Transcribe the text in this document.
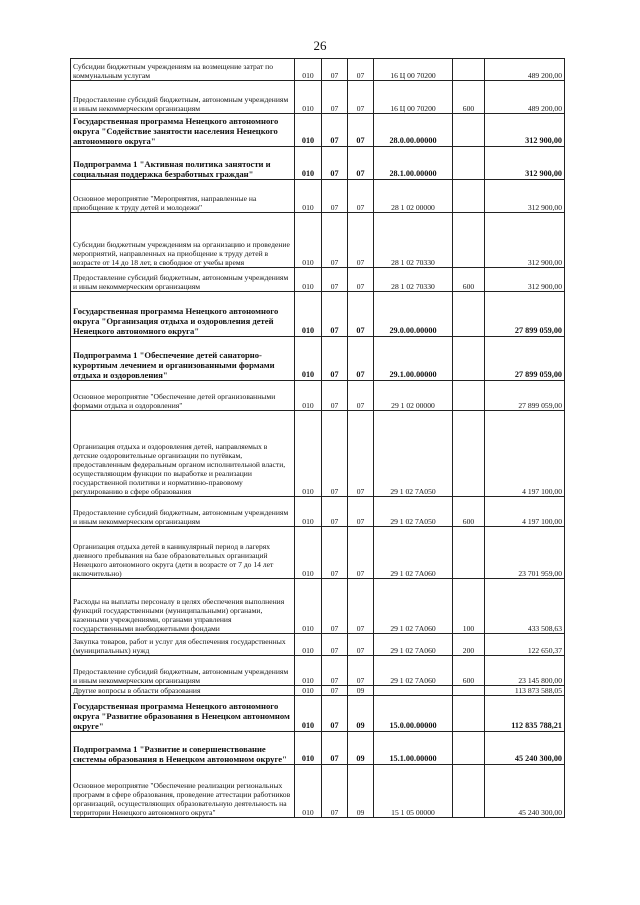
26
Субсидии бюджетным учреждениям на возмещение затрат по коммунальным услугам	010	07	07	16 Ц 00 70200		489 200,00
Предоставление субсидий бюджетным, автономным учреждениям и иным некоммерческим организациям	010	07	07	16 Ц 00 70200	600	489 200,00
Государственная программа Ненецкого автономного округа "Содействие занятости населения Ненецкого автономного округа"	010	07	07	28.0.00.00000		312 900,00
Подпрограмма 1 "Активная политика занятости и социальная поддержка безработных граждан"	010	07	07	28.1.00.00000		312 900,00
Основное мероприятие "Мероприятия, направленные на приобщение к труду детей и молодежи"	010	07	07	28 1 02 00000		312 900,00
Субсидии бюджетным учреждениям на организацию и проведение мероприятий, направленных на приобщение к труду детей в возрасте от 14 до 18 лет, в свободное от учебы время	010	07	07	28 1 02 70330		312 900,00
Предоставление субсидий бюджетным, автономным учреждениям и иным некоммерческим организациям	010	07	07	28 1 02 70330	600	312 900,00
Государственная программа Ненецкого автономного округа "Организация отдыха и оздоровления детей Ненецкого автономного округа"	010	07	07	29.0.00.00000		27 899 059,00
Подпрограмма 1 "Обеспечение детей санаторно-курортным лечением и организованными формами отдыха и оздоровления"	010	07	07	29.1.00.00000		27 899 059,00
Основное мероприятие "Обеспечение детей организованными формами отдыха и оздоровления"	010	07	07	29 1 02 00000		27 899 059,00
Организация отдыха и оздоровления детей, направляемых в детские оздоровительные организации по путёвкам, предоставленным федеральным органом исполнительной власти, осуществляющим функции по выработке и реализации государственной политики и нормативно-правовому регулированию в сфере образования	010	07	07	29 1 02 7А050		4 197 100,00
Предоставление субсидий бюджетным, автономным учреждениям и иным некоммерческим организациям	010	07	07	29 1 02 7А050	600	4 197 100,00
Организация отдыха детей в каникулярный период в лагерях дневного пребывания на базе образовательных организаций Ненецкого автономного округа (дети в возрасте от 7 до 14 лет включительно)	010	07	07	29 1 02 7А060		23 701 959,00
Расходы на выплаты персоналу в целях обеспечения выполнения функций государственными (муниципальными) органами, казенными учреждениями, органами управления государственными внебюджетными фондами	010	07	07	29 1 02 7А060	100	433 508,63
Закупка товаров, работ и услуг для обеспечения государственных (муниципальных) нужд	010	07	07	29 1 02 7А060	200	122 650,37
Предоставление субсидий бюджетным, автономным учреждениям и иным некоммерческим организациям	010	07	07	29 1 02 7А060	600	23 145 800,00
Другие вопросы в области образования	010	07	09			113 873 588,05
Государственная программа Ненецкого автономного округа "Развитие образования в Ненецком автономном округе"	010	07	09	15.0.00.00000		112 835 788,21
Подпрограмма 1 "Развитие и совершенствование системы образования в Ненецком автономном округе"	010	07	09	15.1.00.00000		45 240 300,00
Основное мероприятие "Обеспечение реализации региональных программ в сфере образования, проведение аттестации работников организаций, осуществляющих образовательную деятельность на территории Ненецкого автономного округа"	010	07	09	15 1 05 00000		45 240 300,00
